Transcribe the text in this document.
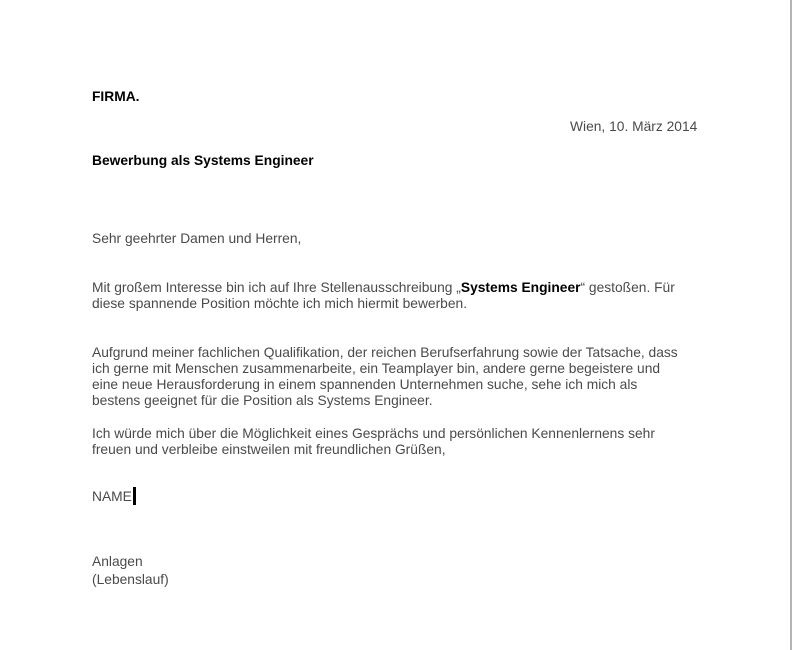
FIRMA.
Wien, 10. März 2014
Bewerbung als Systems Engineer
Sehr geehrter Damen und Herren,
Mit großem Interesse bin ich auf Ihre Stellenausschreibung „Systems Engineer“ gestoßen. Für
diese spannende Position möchte ich mich hiermit bewerben.
Aufgrund meiner fachlichen Qualifikation, der reichen Berufserfahrung sowie der Tatsache, dass
ich gerne mit Menschen zusammenarbeite, ein Teamplayer bin, andere gerne begeistere und
eine neue Herausforderung in einem spannenden Unternehmen suche, sehe ich mich als
bestens geeignet für die Position als Systems Engineer.
Ich würde mich über die Möglichkeit eines Gesprächs und persönlichen Kennenlernens sehr
freuen und verbleibe einstweilen mit freundlichen Grüßen,
NAME
Anlagen
(Lebenslauf)
